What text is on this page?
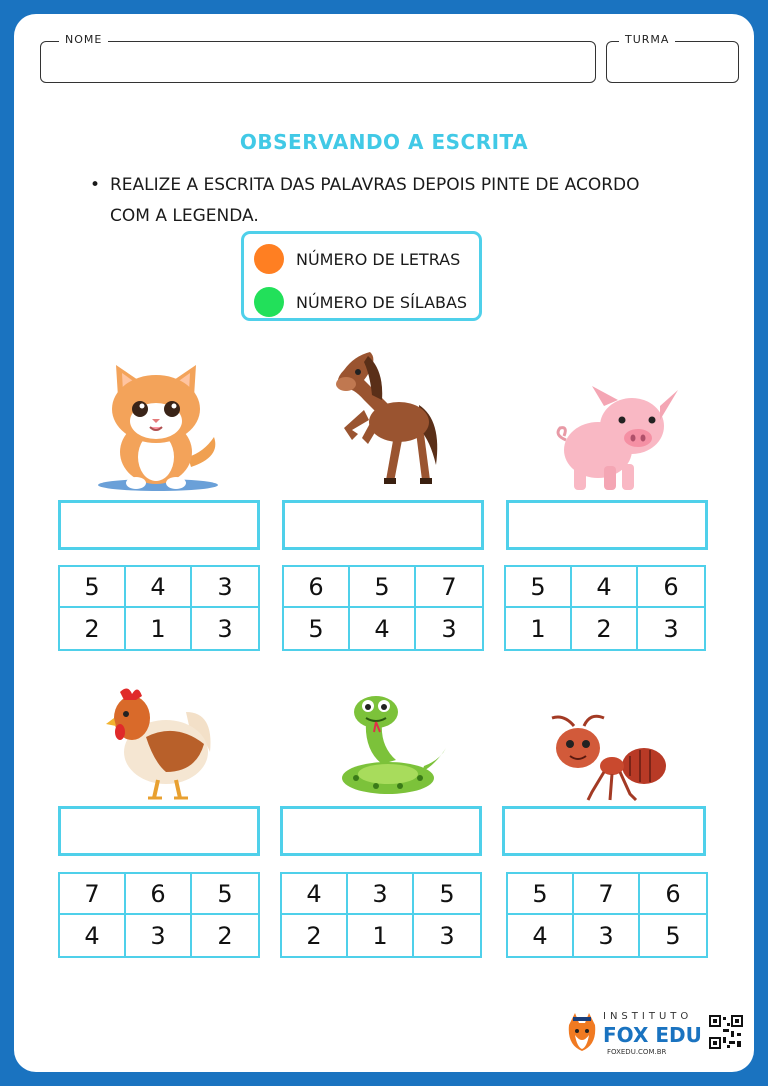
NOME	TURMA
OBSERVANDO A ESCRITA
• REALIZE A ESCRITA DAS PALAVRAS DEPOIS PINTE DE ACORDO
COM A LEGENDA.
NÚMERO DE LETRAS
NÚMERO DE SÍLABAS
5	4	3
2	1	3
6	5	7
5	4	3
5	4	6
1	2	3
7	6	5
4	3	2
4	3	5
2	1	3
5	7	6
4	3	5
INSTITUTO
FOX EDU
FOXEDU.COM.BR
